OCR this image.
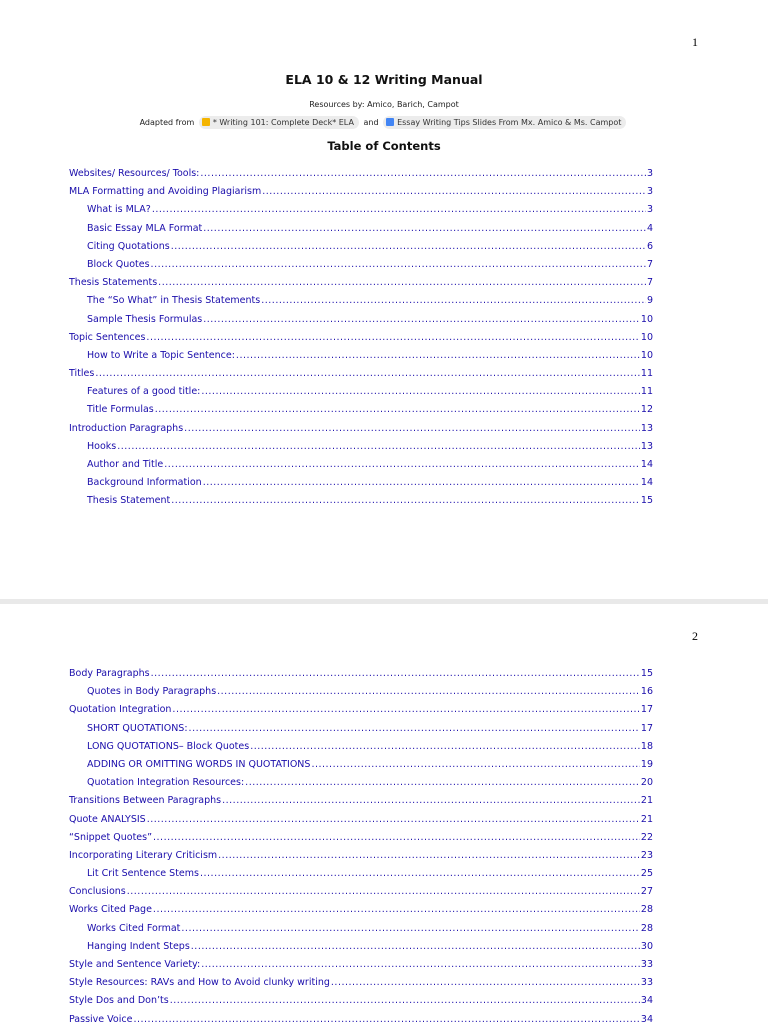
1
ELA 10 & 12 Writing Manual
Resources by: Amico, Barich, Campot
Adapted from * Writing 101: Complete Deck* ELA and Essay Writing Tips Slides From Mx. Amico & Ms. Campot
Table of Contents
Websites/ Resources/ Tools: .....	3
MLA Formatting and Avoiding Plagiarism .....	3
What is MLA? .....	3
Basic Essay MLA Format .....	4
Citing Quotations .....	6
Block Quotes .....	7
Thesis Statements .....	7
The “So What” in Thesis Statements .....	9
Sample Thesis Formulas .....	10
Topic Sentences .....	10
How to Write a Topic Sentence: .....	10
Titles .....	11
Features of a good title: .....	11
Title Formulas .....	12
Introduction Paragraphs .....	13
Hooks .....	13
Author and Title .....	14
Background Information .....	14
Thesis Statement .....	15
2
Body Paragraphs .....	15
Quotes in Body Paragraphs .....	16
Quotation Integration .....	17
SHORT QUOTATIONS: .....	17
LONG QUOTATIONS– Block Quotes .....	18
ADDING OR OMITTING WORDS IN QUOTATIONS .....	19
Quotation Integration Resources: .....	20
Transitions Between Paragraphs .....	21
Quote ANALYSIS .....	21
“Snippet Quotes” .....	22
Incorporating Literary Criticism .....	23
Lit Crit Sentence Stems .....	25
Conclusions .....	27
Works Cited Page .....	28
Works Cited Format .....	28
Hanging Indent Steps .....	30
Style and Sentence Variety: .....	33
Style Resources: RAVs and How to Avoid clunky writing .....	33
Style Dos and Don’ts .....	34
Passive Voice .....	34
